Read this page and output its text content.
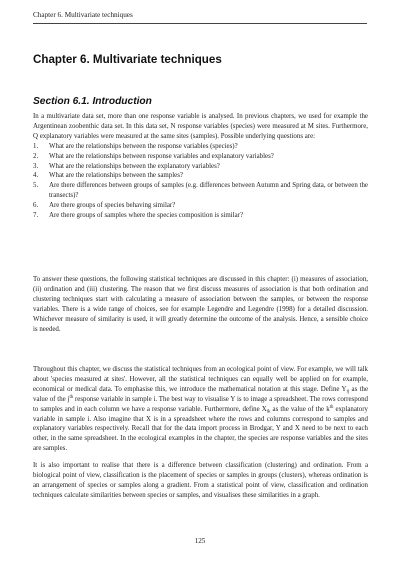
Chapter 6. Multivariate techniques
Chapter 6. Multivariate techniques
Section 6.1. Introduction

In a multivariate data set, more than one response variable is analysed. In previous chapters, we used for example the Argentinean zoobenthic data set. In this data set, N response variables (species) were measured at M sites. Furthermore, Q explanatory variables were measured at the same sites (samples). Possible underlying questions are:

1.	What are the relationships between the response variables (species)?
2.	What are the relationships between response variables and explanatory variables?
3.	What are the relationships between the explanatory variables?
4.	What are the relationships between the samples?
5.	Are there differences between groups of samples (e.g. differences between Autumn and Spring data, or between the transects)?
6.	Are there groups of species behaving similar?
7.	Are there groups of samples where the species composition is similar?

To answer these questions, the following statistical techniques are discussed in this chapter: (i) measures of association, (ii) ordination and (iii) clustering. The reason that we first discuss measures of association is that both ordination and clustering techniques start with calculating a measure of association between the samples, or between the response variables. There is a wide range of choices, see for example Legendre and Legendre (1998) for a detailed discussion. Whichever measure of similarity is used, it will greatly determine the outcome of the analysis. Hence, a sensible choice is needed.

Throughout this chapter, we discuss the statistical techniques from an ecological point of view. For example, we will talk about 'species measured at sites'. However, all the statistical techniques can equally well be applied on for example, economical or medical data. To emphasise this, we introduce the mathematical notation at this stage. Define $Y_{ij}$ as the value of the $j^{th}$ response variable in sample i. The best way to visualise Y is to image a spreadsheet. The rows correspond to samples and in each column we have a response variable. Furthermore, define $X_{ik}$ as the value of the $k^{th}$ explanatory variable in sample i. Also imagine that X is in a spreadsheet where the rows and columns correspond to samples and explanatory variables respectively. Recall that for the data import process in Brodgar, Y and X need to be next to each other, in the same spreadsheet. In the ecological examples in the chapter, the species are response variables and the sites are samples.

It is also important to realise that there is a difference between classification (clustering) and ordination. From a biological point of view, classification is the placement of species or samples in groups (clusters), whereas ordination is an arrangement of species or samples along a gradient. From a statistical point of view, classification and ordination techniques calculate similarities between species or samples, and visualises these similarities in a graph.

125
